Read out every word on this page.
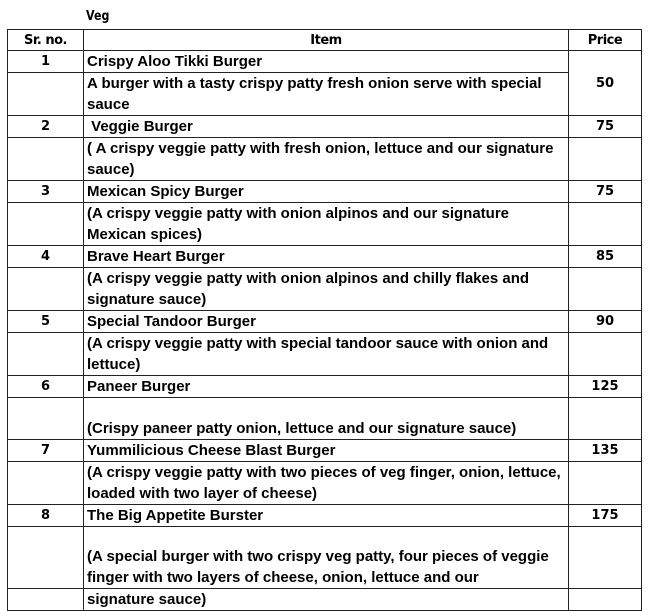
Veg
Sr. no.	Item	Price
1	Crispy Aloo Tikki Burger	50
	A burger with a tasty crispy patty fresh onion serve with special sauce	
2	Veggie Burger	75
	( A crispy veggie patty with fresh onion, lettuce and our signature sauce)	
3	Mexican Spicy Burger	75
	(A crispy veggie patty with onion alpinos and our signature Mexican spices)	
4	Brave Heart Burger	85
	(A crispy veggie patty with onion alpinos and chilly flakes and signature sauce)	
5	Special Tandoor Burger	90
	(A crispy veggie patty with special tandoor sauce with onion and lettuce)	
6	Paneer Burger	125
	(Crispy paneer patty onion, lettuce and our signature sauce)	
7	Yummilicious Cheese Blast Burger	135
	(A crispy veggie patty with two pieces of veg finger, onion, lettuce, loaded with two layer of cheese)	
8	The Big Appetite Burster	175
	(A special burger with two crispy veg patty, four pieces of veggie finger with two layers of cheese, onion, lettuce and our	
	signature sauce)	
